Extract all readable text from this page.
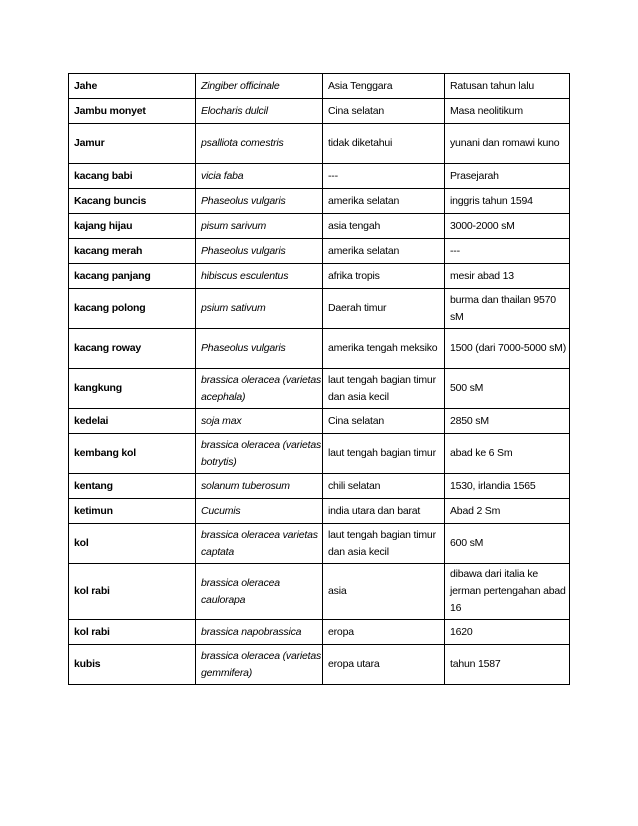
Jahe	Zingiber officinale	Asia Tenggara	Ratusan tahun lalu
Jambu monyet	Elocharis dulcil	Cina selatan	Masa neolitikum
Jamur	psalliota comestris	tidak diketahui	yunani dan romawi kuno
kacang babi	vicia faba	---	Prasejarah
Kacang buncis	Phaseolus vulgaris	amerika selatan	inggris tahun 1594
kajang hijau	pisum sarivum	asia tengah	3000-2000 sM
kacang merah	Phaseolus vulgaris	amerika selatan	---
kacang panjang	hibiscus esculentus	afrika tropis	mesir abad 13
kacang polong	psium sativum	Daerah timur	burma dan thailan 9570 sM
kacang roway	Phaseolus vulgaris	amerika tengah meksiko	1500 (dari 7000-5000 sM)
kangkung	brassica oleracea (varietas acephala)	laut tengah bagian timur dan asia kecil	500 sM
kedelai	soja max	Cina selatan	2850 sM
kembang kol	brassica oleracea (varietas botrytis)	laut tengah bagian timur	abad ke 6 Sm
kentang	solanum tuberosum	chili selatan	1530, irlandia 1565
ketimun	Cucumis	india utara dan barat	Abad 2 Sm
kol	brassica oleracea varietas captata	laut tengah bagian timur dan asia kecil	600 sM
kol rabi	brassica oleracea caulorapa	asia	dibawa dari italia ke jerman pertengahan abad 16
kol rabi	brassica napobrassica	eropa	1620
kubis	brassica oleracea (varietas gemmifera)	eropa utara	tahun 1587
